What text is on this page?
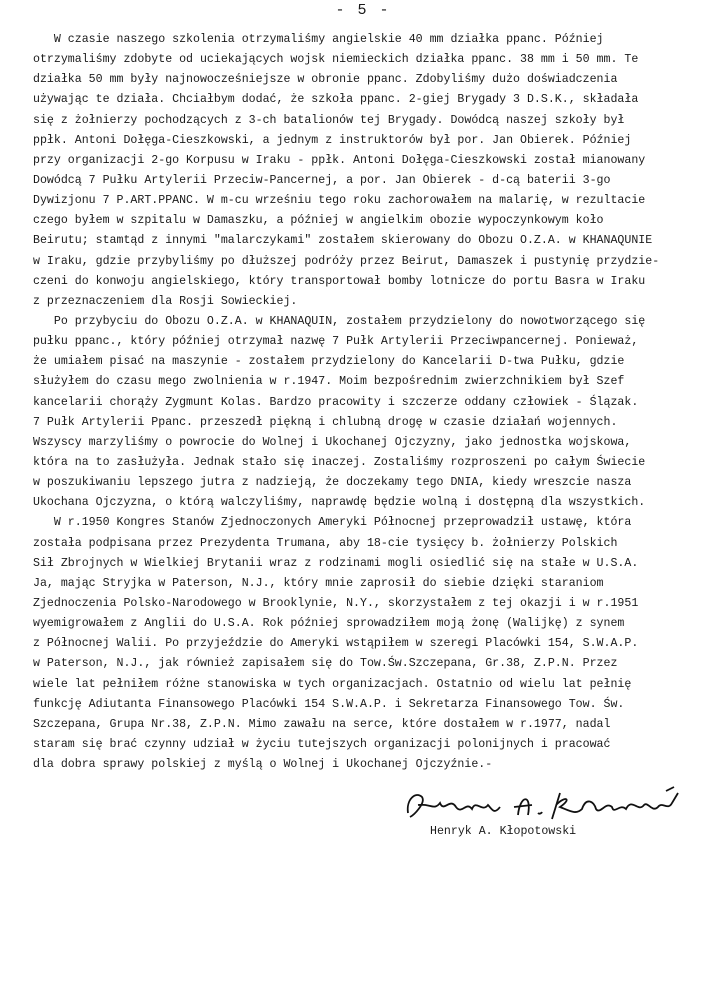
- 5 -
W czasie naszego szkolenia otrzymaliśmy angielskie 40 mm działka ppanc. Później
otrzymaliśmy zdobyte od uciekających wojsk niemieckich działka ppanc. 38 mm i 50 mm. Te
działka 50 mm były najnowocześniejsze w obronie ppanc. Zdobyliśmy dużo doświadczenia
używając te działa. Chciałbym dodać, że szkoła ppanc. 2-giej Brygady 3 D.S.K., składała
się z żołnierzy pochodzących z 3-ch batalionów tej Brygady. Dowódcą naszej szkoły był
ppłk. Antoni Dołęga-Cieszkowski, a jednym z instruktorów był por. Jan Obierek. Później
przy organizacji 2-go Korpusu w Iraku - ppłk. Antoni Dołęga-Cieszkowski został mianowany
Dowódcą 7 Pułku Artylerii Przeciw-Pancernej, a por. Jan Obierek - d-cą baterii 3-go
Dywizjonu 7 P.ART.PPANC. W m-cu wrześniu tego roku zachorowałem na malarię, w rezultacie
czego byłem w szpitalu w Damaszku, a później w angielkim obozie wypoczynkowym koło
Beirutu; stamtąd z innymi "malarczykami" zostałem skierowany do Obozu O.Z.A. w KHANAQUNIE
w Iraku, gdzie przybyliśmy po dłuższej podróży przez Beirut, Damaszek i pustynię przydzie-
czeni do konwoju angielskiego, który transportował bomby lotnicze do portu Basra w Iraku
z przeznaczeniem dla Rosji Sowieckiej.
Po przybyciu do Obozu O.Z.A. w KHANAQUIN, zostałem przydzielony do nowotworzącego się
pułku ppanc., który później otrzymał nazwę 7 Pułk Artylerii Przeciwpancernej. Ponieważ,
że umiałem pisać na maszynie - zostałem przydzielony do Kancelarii D-twa Pułku, gdzie
służyłem do czasu mego zwolnienia w r.1947. Moim bezpośrednim zwierzchnikiem był Szef
kancelarii chorąży Zygmunt Kolas. Bardzo pracowity i szczerze oddany człowiek - Ślązak.
7 Pułk Artylerii Ppanc. przeszedł piękną i chlubną drogę w czasie działań wojennych.
Wszyscy marzyliśmy o powrocie do Wolnej i Ukochanej Ojczyzny, jako jednostka wojskowa,
która na to zasłużyła. Jednak stało się inaczej. Zostaliśmy rozproszeni po całym Świecie
w poszukiwaniu lepszego jutra z nadzieją, że doczekamy tego DNIA, kiedy wreszcie nasza
Ukochana Ojczyzna, o którą walczyliśmy, naprawdę będzie wolną i dostępną dla wszystkich.
W r.1950 Kongres Stanów Zjednoczonych Ameryki Północnej przeprowadził ustawę, która
została podpisana przez Prezydenta Trumana, aby 18-cie tysięcy b. żołnierzy Polskich
Sił Zbrojnych w Wielkiej Brytanii wraz z rodzinami mogli osiedlić się na stałe w U.S.A.
Ja, mając Stryjka w Paterson, N.J., który mnie zaprosił do siebie dzięki staraniom
Zjednoczenia Polsko-Narodowego w Brooklynie, N.Y., skorzystałem z tej okazji i w r.1951
wyemigrowałem z Anglii do U.S.A. Rok później sprowadziłem moją żonę (Walijkę) z synem
z Północnej Walii. Po przyjeździe do Ameryki wstąpiłem w szeregi Placówki 154, S.W.A.P.
w Paterson, N.J., jak również zapisałem się do Tow.Św.Szczepana, Gr.38, Z.P.N. Przez
wiele lat pełniłem różne stanowiska w tych organizacjach. Ostatnio od wielu lat pełnię
funkcję Adiutanta Finansowego Placówki 154 S.W.A.P. i Sekretarza Finansowego Tow. Św.
Szczepana, Grupa Nr.38, Z.P.N. Mimo zawału na serce, które dostałem w r.1977, nadal
staram się brać czynny udział w życiu tutejszych organizacji polonijnych i pracować
dla dobra sprawy polskiej z myślą o Wolnej i Ukochanej Ojczyźnie.-
Henryk A. Kłopotowski
